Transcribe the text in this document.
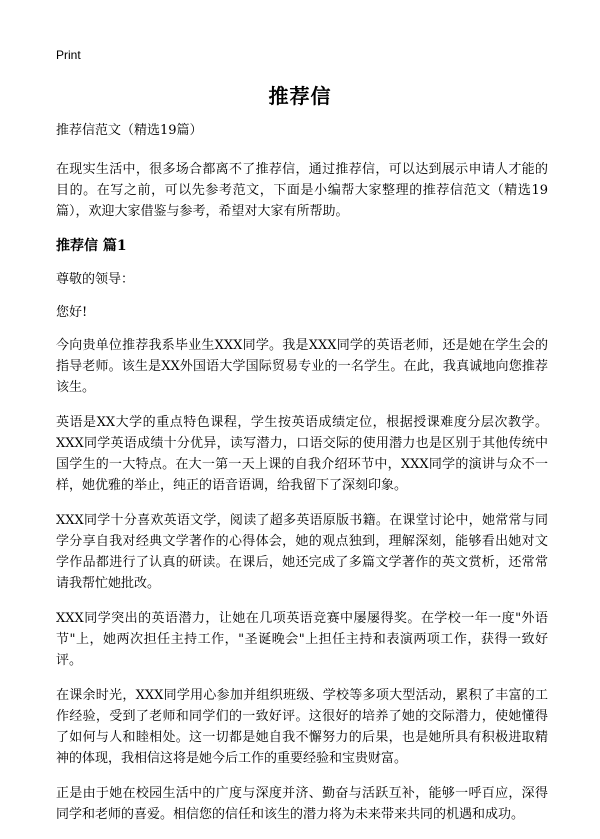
Print
推荐信

推荐信范文（精选19篇）

在现实生活中，很多场合都离不了推荐信，通过推荐信，可以达到展示申请人才能的目的。在写之前，可以先参考范文，下面是小编帮大家整理的推荐信范文（精选19篇），欢迎大家借鉴与参考，希望对大家有所帮助。

推荐信 篇1

尊敬的领导：

您好!

今向贵单位推荐我系毕业生XXX同学。我是XXX同学的英语老师，还是她在学生会的指导老师。该生是XX外国语大学国际贸易专业的一名学生。在此，我真诚地向您推荐该生。

英语是XX大学的重点特色课程，学生按英语成绩定位，根据授课难度分层次教学。XXX同学英语成绩十分优异，读写潜力，口语交际的使用潜力也是区别于其他传统中国学生的一大特点。在大一第一天上课的自我介绍环节中，XXX同学的演讲与众不一样，她优雅的举止，纯正的语音语调，给我留下了深刻印象。

XXX同学十分喜欢英语文学，阅读了超多英语原版书籍。在课堂讨论中，她常常与同学分享自我对经典文学著作的心得体会，她的观点独到，理解深刻，能够看出她对文学作品都进行了认真的研读。在课后，她还完成了多篇文学著作的英文赏析，还常常请我帮忙她批改。

XXX同学突出的英语潜力，让她在几项英语竞赛中屡屡得奖。在学校一年一度"外语节"上，她两次担任主持工作，"圣诞晚会"上担任主持和表演两项工作，获得一致好评。

在课余时光，XXX同学用心参加并组织班级、学校等多项大型活动，累积了丰富的工作经验，受到了老师和同学们的一致好评。这很好的培养了她的交际潜力，使她懂得了如何与人和睦相处。这一切都是她自我不懈努力的后果，也是她所具有积极进取精神的体现，我相信这将是她今后工作的重要经验和宝贵财富。

正是由于她在校园生活中的广度与深度并济、勤奋与活跃互补，能够一呼百应，深得同学和老师的喜爱。相信您的信任和该生的潜力将为未来带来共同的机遇和成功。
